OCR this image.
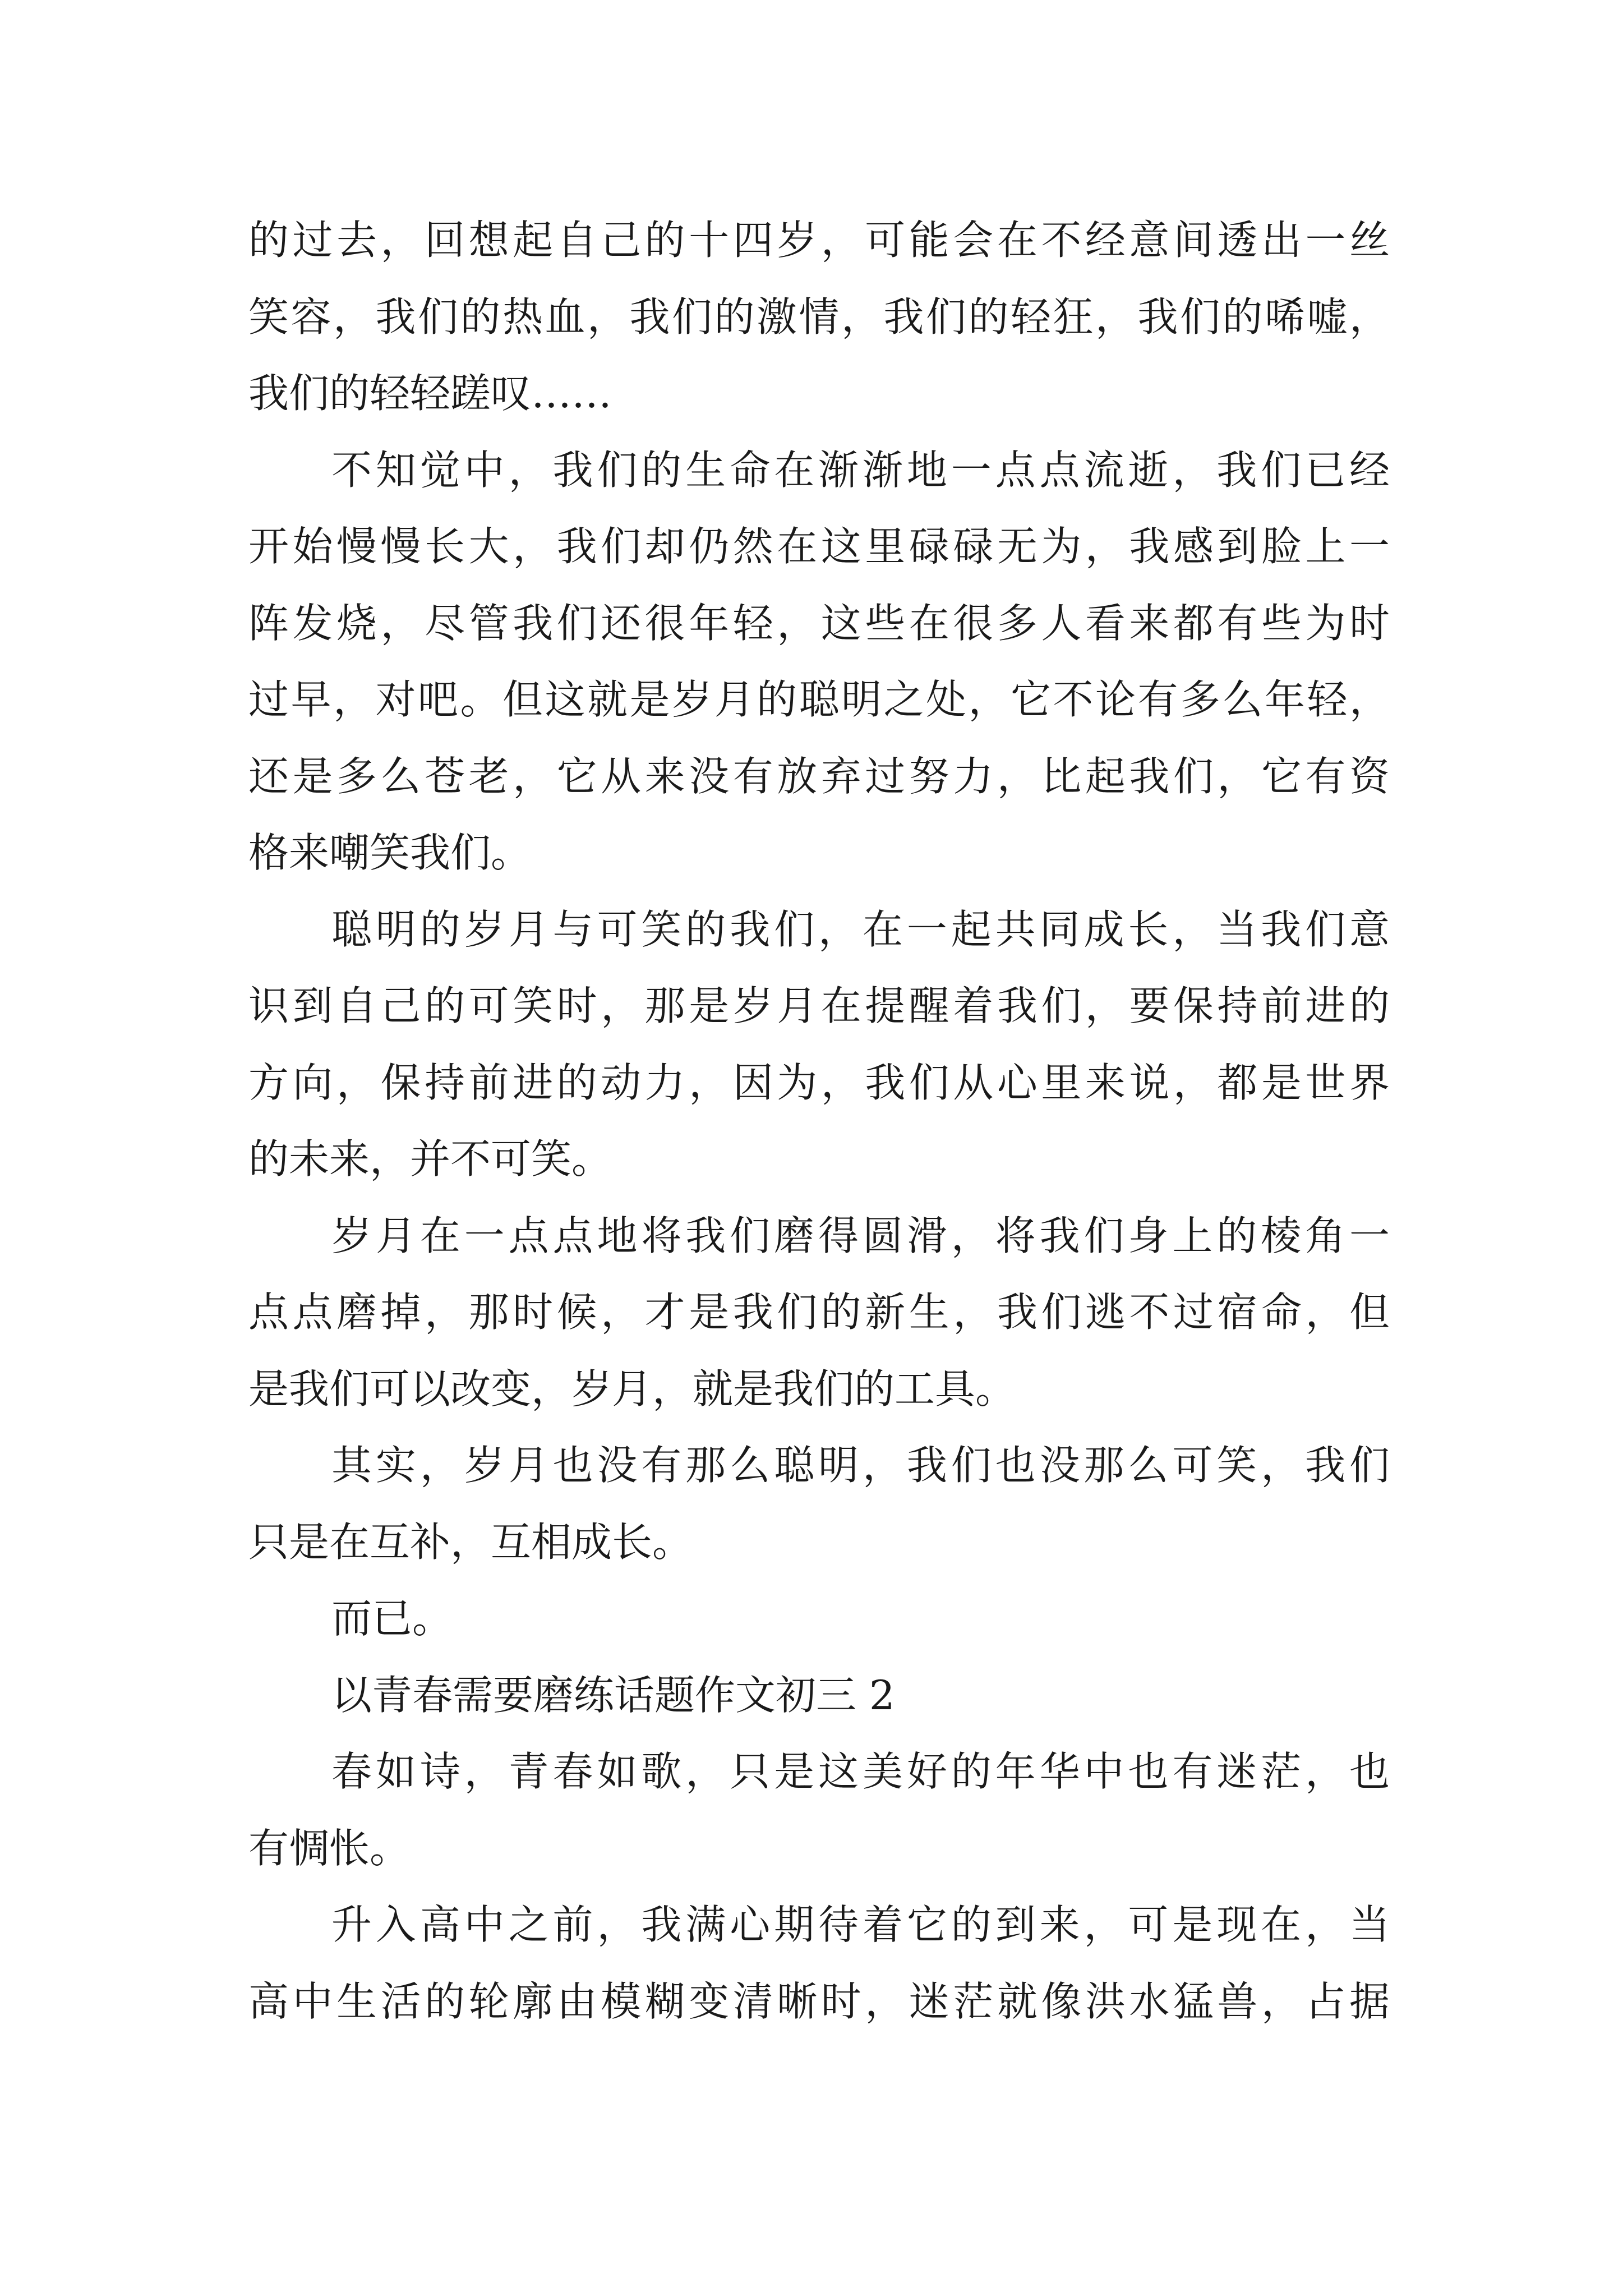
的过去，回想起自己的十四岁，可能会在不经意间透出一丝
笑容，我们的热血，我们的激情，我们的轻狂，我们的唏嘘，
我们的轻轻蹉叹……
不知觉中，我们的生命在渐渐地一点点流逝，我们已经
开始慢慢长大，我们却仍然在这里碌碌无为，我感到脸上一
阵发烧，尽管我们还很年轻，这些在很多人看来都有些为时
过早，对吧。但这就是岁月的聪明之处，它不论有多么年轻，
还是多么苍老，它从来没有放弃过努力，比起我们，它有资
格来嘲笑我们。
聪明的岁月与可笑的我们，在一起共同成长，当我们意
识到自己的可笑时，那是岁月在提醒着我们，要保持前进的
方向，保持前进的动力，因为，我们从心里来说，都是世界
的未来，并不可笑。
岁月在一点点地将我们磨得圆滑，将我们身上的棱角一
点点磨掉，那时候，才是我们的新生，我们逃不过宿命，但
是我们可以改变，岁月，就是我们的工具。
其实，岁月也没有那么聪明，我们也没那么可笑，我们
只是在互补，互相成长。
而已。
以青春需要磨练话题作文初三 2
春如诗，青春如歌，只是这美好的年华中也有迷茫，也
有惆怅。
升入高中之前，我满心期待着它的到来，可是现在，当
高中生活的轮廓由模糊变清晰时，迷茫就像洪水猛兽，占据
